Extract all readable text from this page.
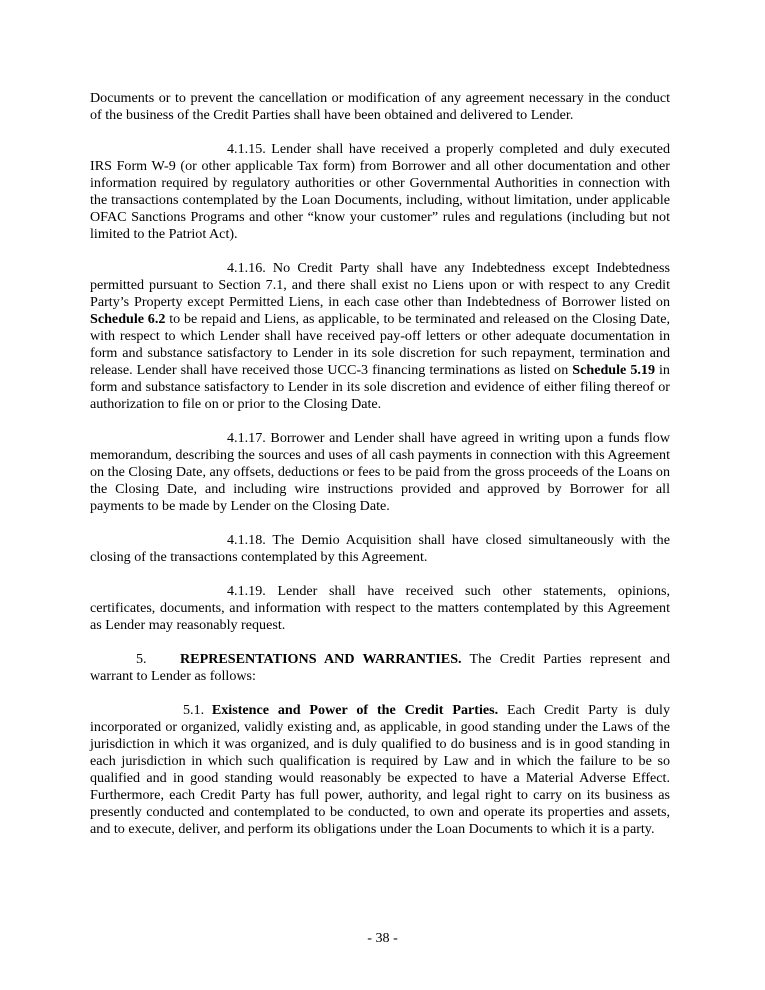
Documents or to prevent the cancellation or modification of any agreement necessary in the conduct of the business of the Credit Parties shall have been obtained and delivered to Lender.

4.1.15. Lender shall have received a properly completed and duly executed IRS Form W-9 (or other applicable Tax form) from Borrower and all other documentation and other information required by regulatory authorities or other Governmental Authorities in connection with the transactions contemplated by the Loan Documents, including, without limitation, under applicable OFAC Sanctions Programs and other “know your customer” rules and regulations (including but not limited to the Patriot Act).

4.1.16. No Credit Party shall have any Indebtedness except Indebtedness permitted pursuant to Section 7.1, and there shall exist no Liens upon or with respect to any Credit Party’s Property except Permitted Liens, in each case other than Indebtedness of Borrower listed on Schedule 6.2 to be repaid and Liens, as applicable, to be terminated and released on the Closing Date, with respect to which Lender shall have received pay-off letters or other adequate documentation in form and substance satisfactory to Lender in its sole discretion for such repayment, termination and release. Lender shall have received those UCC-3 financing terminations as listed on Schedule 5.19 in form and substance satisfactory to Lender in its sole discretion and evidence of either filing thereof or authorization to file on or prior to the Closing Date.

4.1.17. Borrower and Lender shall have agreed in writing upon a funds flow memorandum, describing the sources and uses of all cash payments in connection with this Agreement on the Closing Date, any offsets, deductions or fees to be paid from the gross proceeds of the Loans on the Closing Date, and including wire instructions provided and approved by Borrower for all payments to be made by Lender on the Closing Date.

4.1.18. The Demio Acquisition shall have closed simultaneously with the closing of the transactions contemplated by this Agreement.

4.1.19. Lender shall have received such other statements, opinions, certificates, documents, and information with respect to the matters contemplated by this Agreement as Lender may reasonably request.

5. REPRESENTATIONS AND WARRANTIES. The Credit Parties represent and warrant to Lender as follows:

5.1. Existence and Power of the Credit Parties. Each Credit Party is duly incorporated or organized, validly existing and, as applicable, in good standing under the Laws of the jurisdiction in which it was organized, and is duly qualified to do business and is in good standing in each jurisdiction in which such qualification is required by Law and in which the failure to be so qualified and in good standing would reasonably be expected to have a Material Adverse Effect. Furthermore, each Credit Party has full power, authority, and legal right to carry on its business as presently conducted and contemplated to be conducted, to own and operate its properties and assets, and to execute, deliver, and perform its obligations under the Loan Documents to which it is a party.

- 38 -
